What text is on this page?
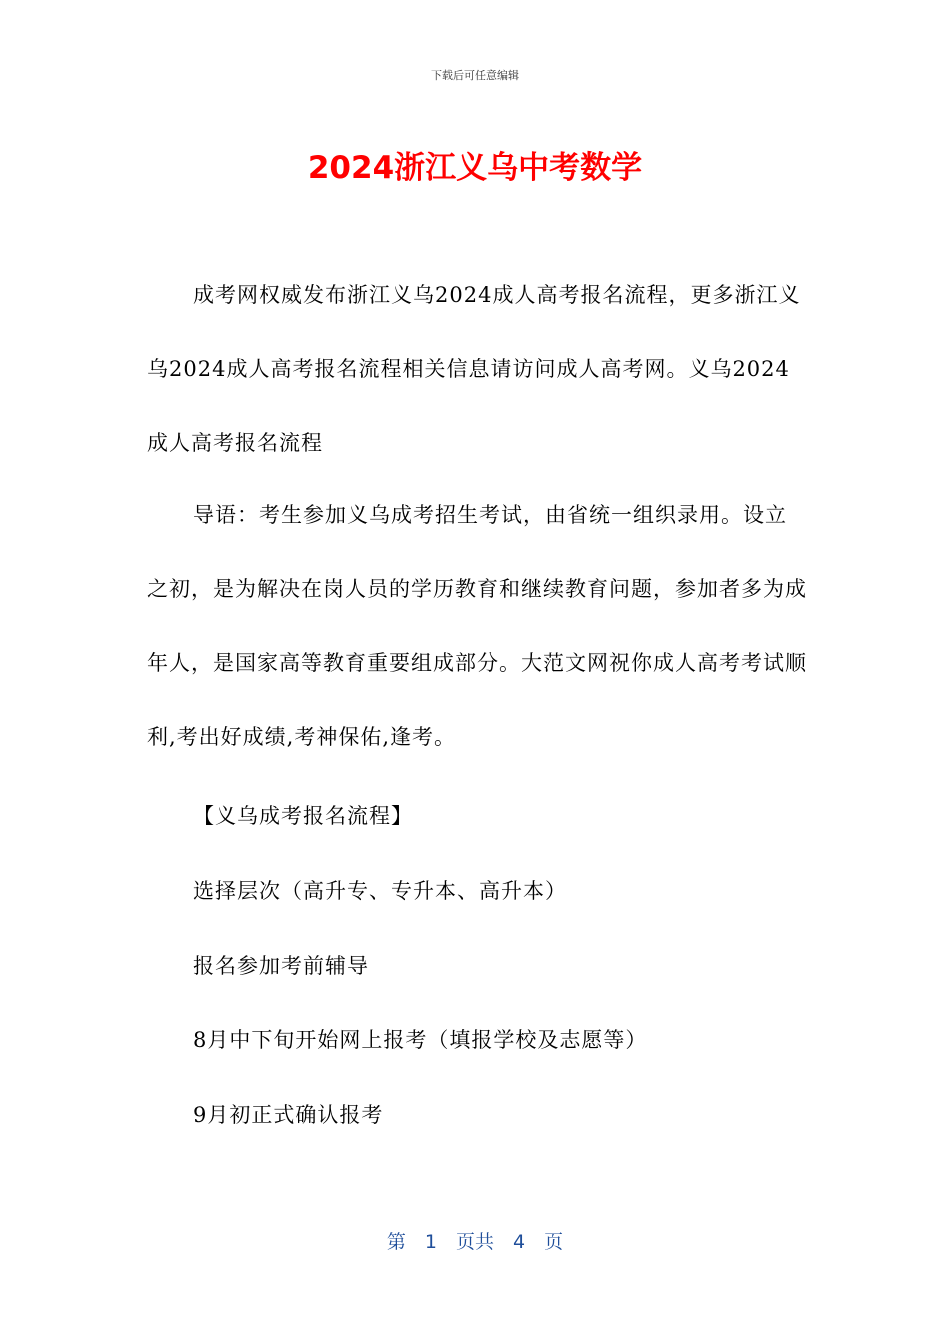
下载后可任意编辑
2024浙江义乌中考数学

成考网权威发布浙江义乌2024成人高考报名流程，更多浙江义乌2024成人高考报名流程相关信息请访问成人高考网。义乌2024成人高考报名流程

导语：考生参加义乌成考招生考试，由省统一组织录用。设立之初，是为解决在岗人员的学历教育和继续教育问题，参加者多为成年人，是国家高等教育重要组成部分。大范文网祝你成人高考考试顺利,考出好成绩,考神保佑,逢考。

【义乌成考报名流程】

选择层次（高升专、专升本、高升本）

报名参加考前辅导

8月中下旬开始网上报考（填报学校及志愿等）

9月初正式确认报考

第　1　页共　4　页
